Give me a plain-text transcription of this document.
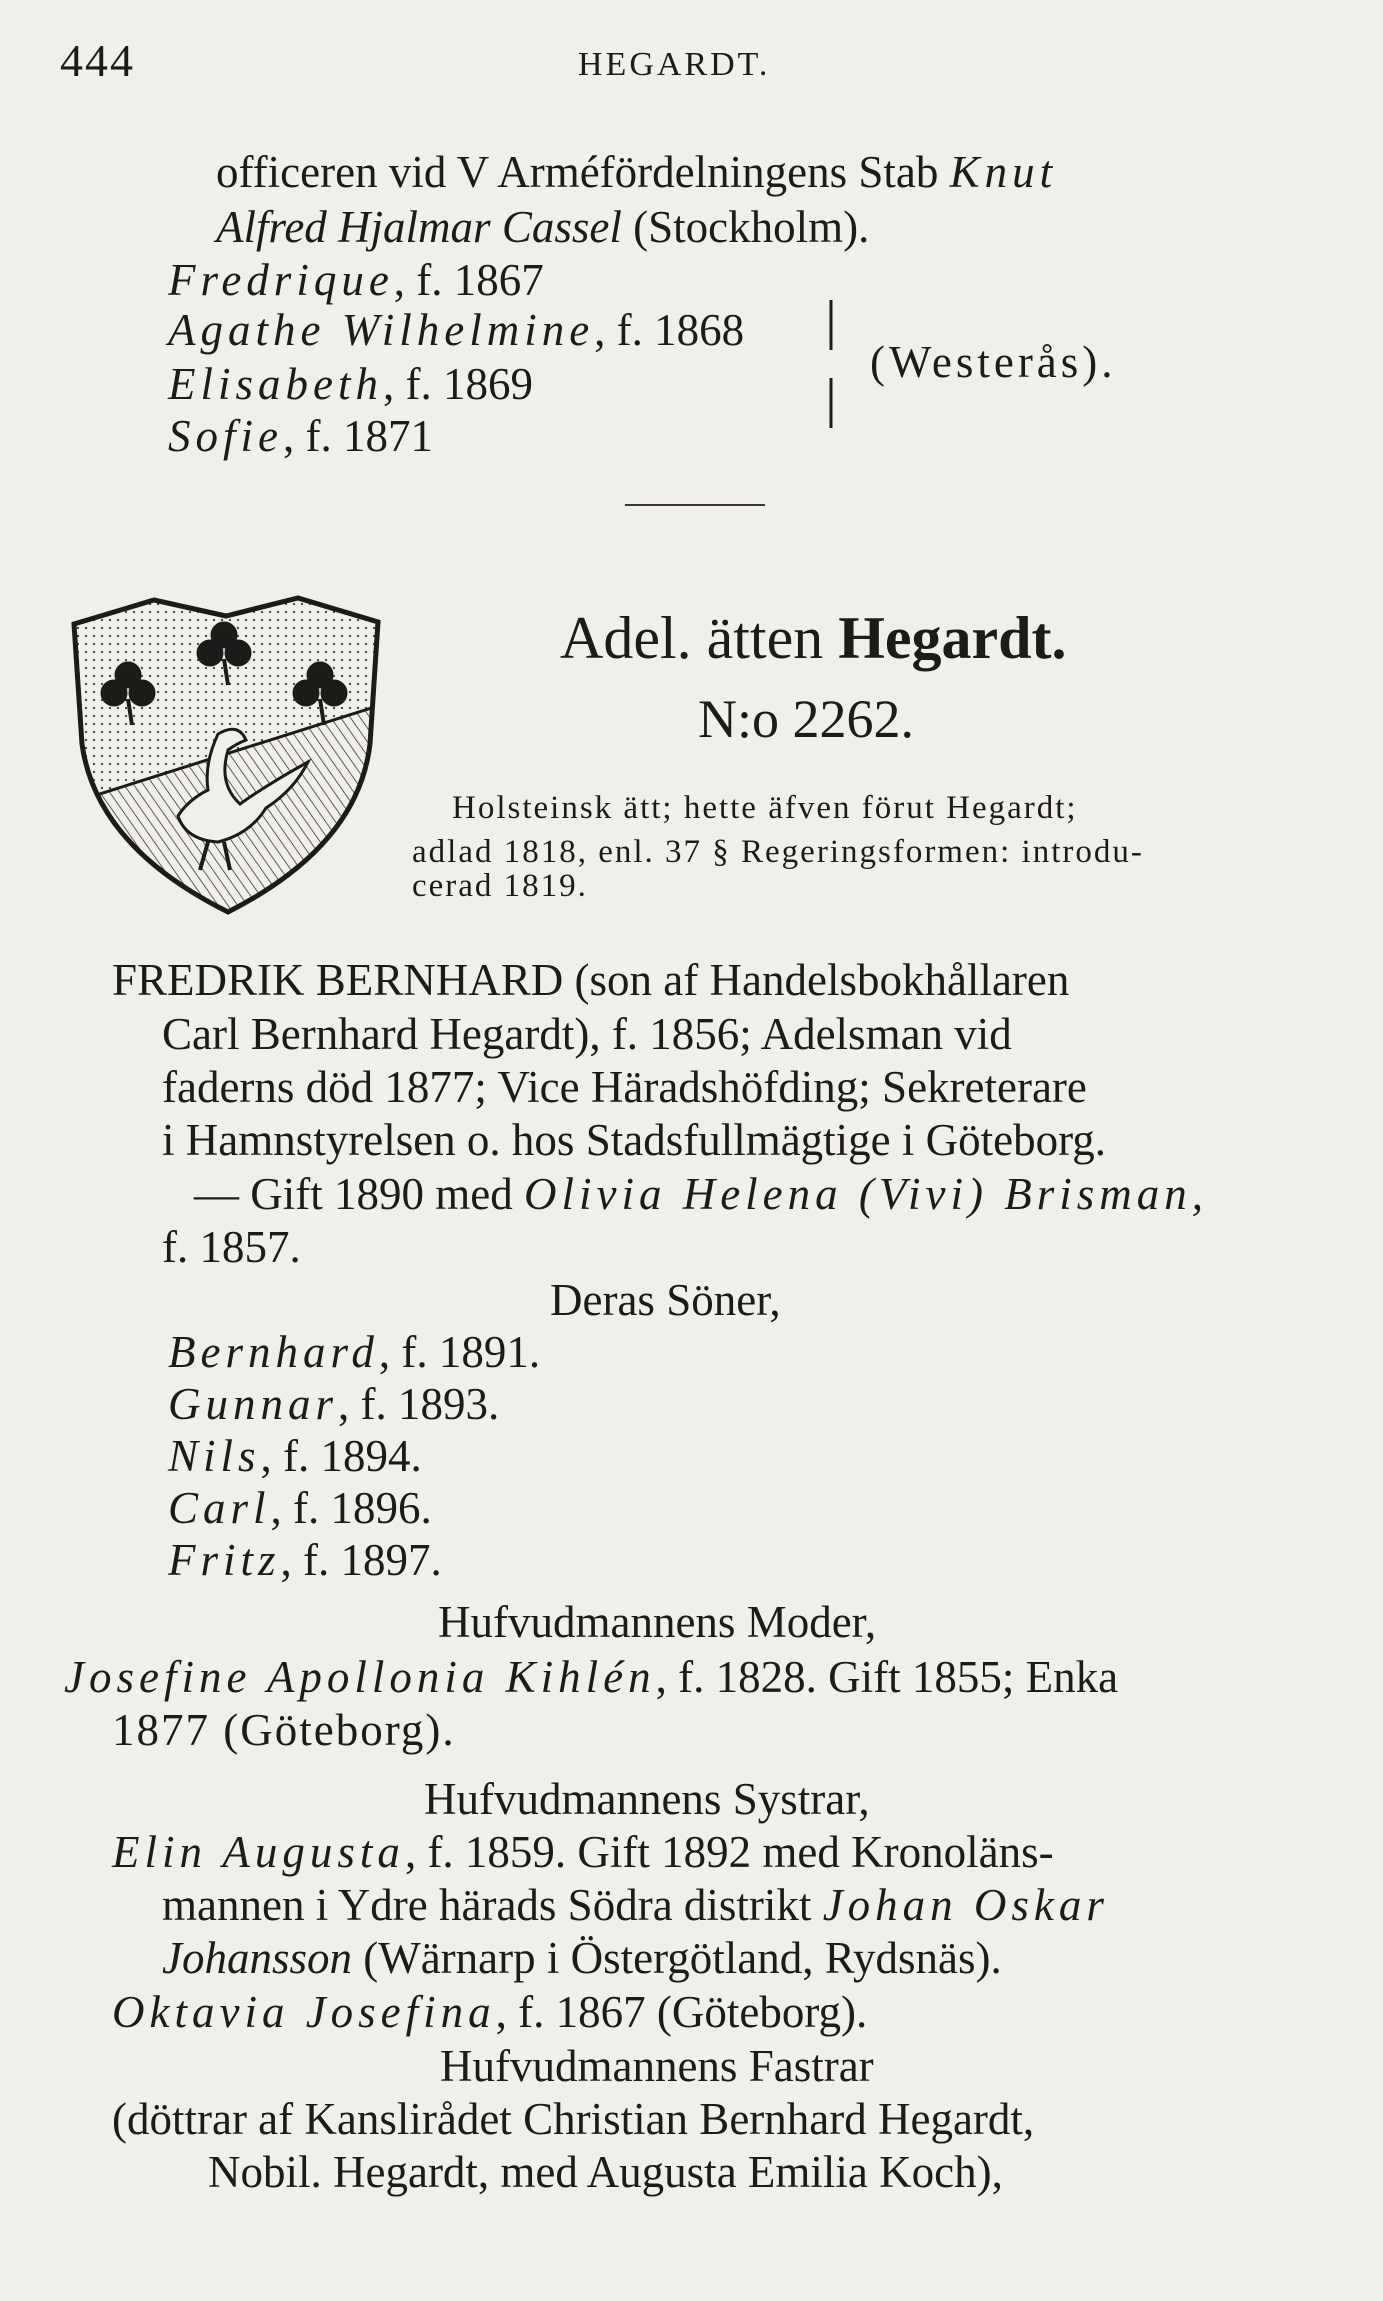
444	HEGARDT.
officeren vid V Arméfördelningens Stab Knut
Alfred Hjalmar Cassel (Stockholm).
Fredrique, f. 1867
Agathe Wilhelmine, f. 1868
Elisabeth, f. 1869
Sofie, f. 1871
(Westerås).
Adel. ätten Hegardt.
N:o 2262.
Holsteinsk ätt; hette äfven förut Hegardt;
adlad 1818, enl. 37 § Regeringsformen: introdu-
cerad 1819.
FREDRIK BERNHARD (son af Handelsbokhållaren
Carl Bernhard Hegardt), f. 1856; Adelsman vid
faderns död 1877; Vice Häradshöfding; Sekreterare
i Hamnstyrelsen o. hos Stadsfullmägtige i Göteborg.
— Gift 1890 med Olivia Helena (Vivi) Brisman,
f. 1857.
Deras Söner,
Bernhard, f. 1891.
Gunnar, f. 1893.
Nils, f. 1894.
Carl, f. 1896.
Fritz, f. 1897.
Hufvudmannens Moder,
Josefine Apollonia Kihlén, f. 1828. Gift 1855; Enka
1877 (Göteborg).
Hufvudmannens Systrar,
Elin Augusta, f. 1859. Gift 1892 med Kronoläns-
mannen i Ydre härads Södra distrikt Johan Oskar
Johansson (Wärnarp i Östergötland, Rydsnäs).
Oktavia Josefina, f. 1867 (Göteborg).
Hufvudmannens Fastrar
(döttrar af Kanslirådet Christian Bernhard Hegardt,
Nobil. Hegardt, med Augusta Emilia Koch),
